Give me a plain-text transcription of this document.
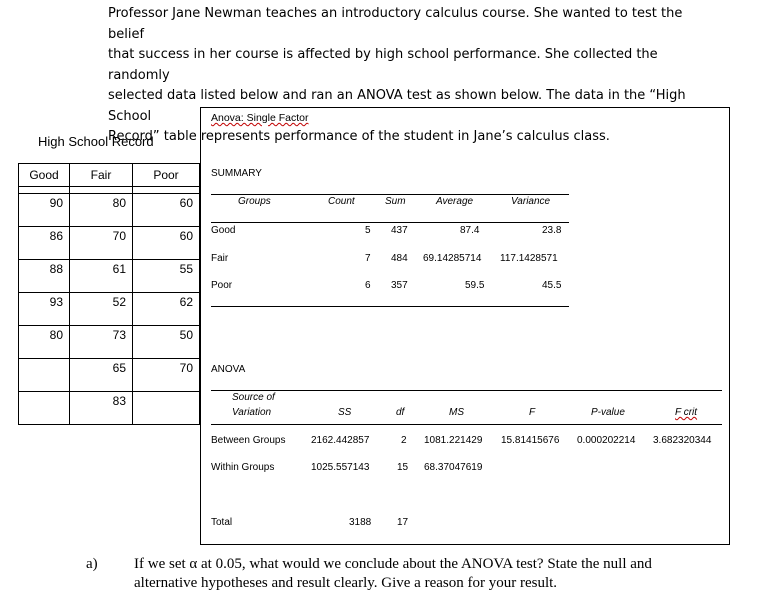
Professor Jane Newman teaches an introductory calculus course. She wanted to test the belief

that success in her course is affected by high school performance. She collected the randomly

selected data listed below and ran an ANOVA test as shown below. The data in the “High School

Record” table represents performance of the student in Jane’s calculus class.

High School Record
Good	Fair	Poor

90	80	60
86	70	60
88	61	55
93	52	62
80	73	50
	65	70
	83	
Anova: Single Factor
SUMMARY
Groups	Count	Sum	Average	Variance
Good	5 437	87.4	23.8
Fair	7 484 69.14285714 117.1428571
Poor	6 357	59.5	45.5
ANOVA
Source of
Variation	SS	df	MS	F	P-value	F crit
Between Groups	2162.442857	2 1081.221429 15.81415676 0.000202214 3.682320344
Within Groups	1025.557143	15 68.37047619
Total	3188	17
a) If we set α at 0.05, what would we conclude about the ANOVA test? State the null and alternative hypotheses and result clearly. Give a reason for your result.
